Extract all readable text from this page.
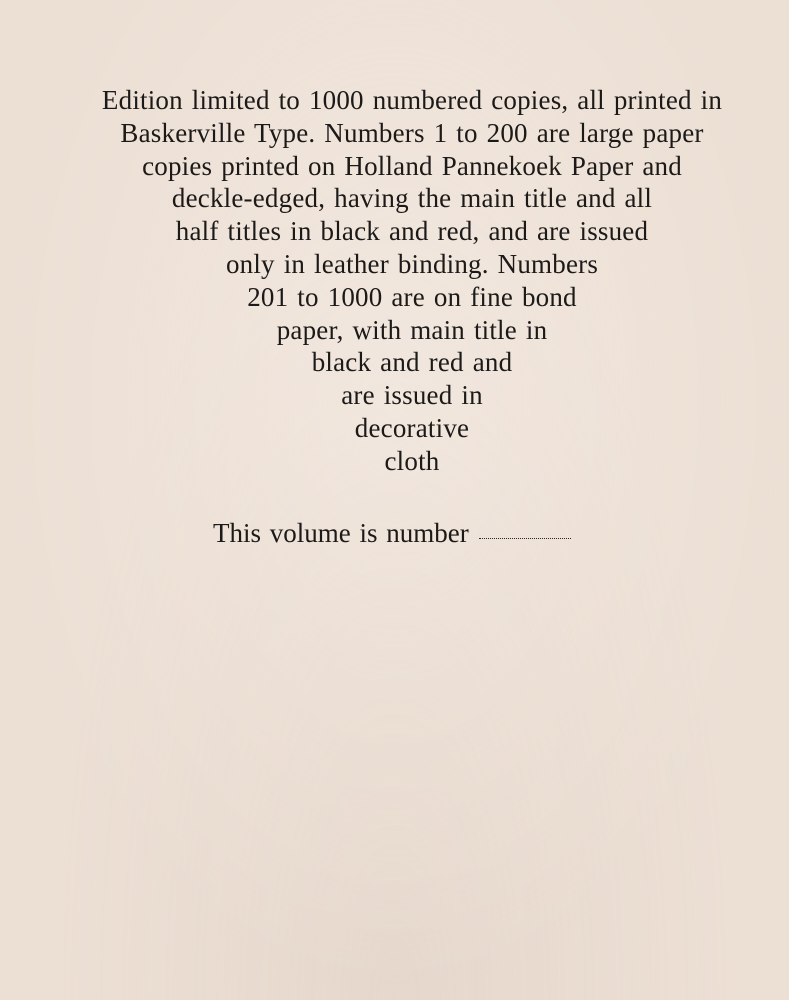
Edition limited to 1000 numbered copies, all printed in
Baskerville Type. Numbers 1 to 200 are large paper
copies printed on Holland Pannekoek Paper and
deckle-edged, having the main title and all
half titles in black and red, and are issued
only in leather binding. Numbers
201 to 1000 are on fine bond
paper, with main title in
black and red and
are issued in
decorative
cloth

This volume is number
